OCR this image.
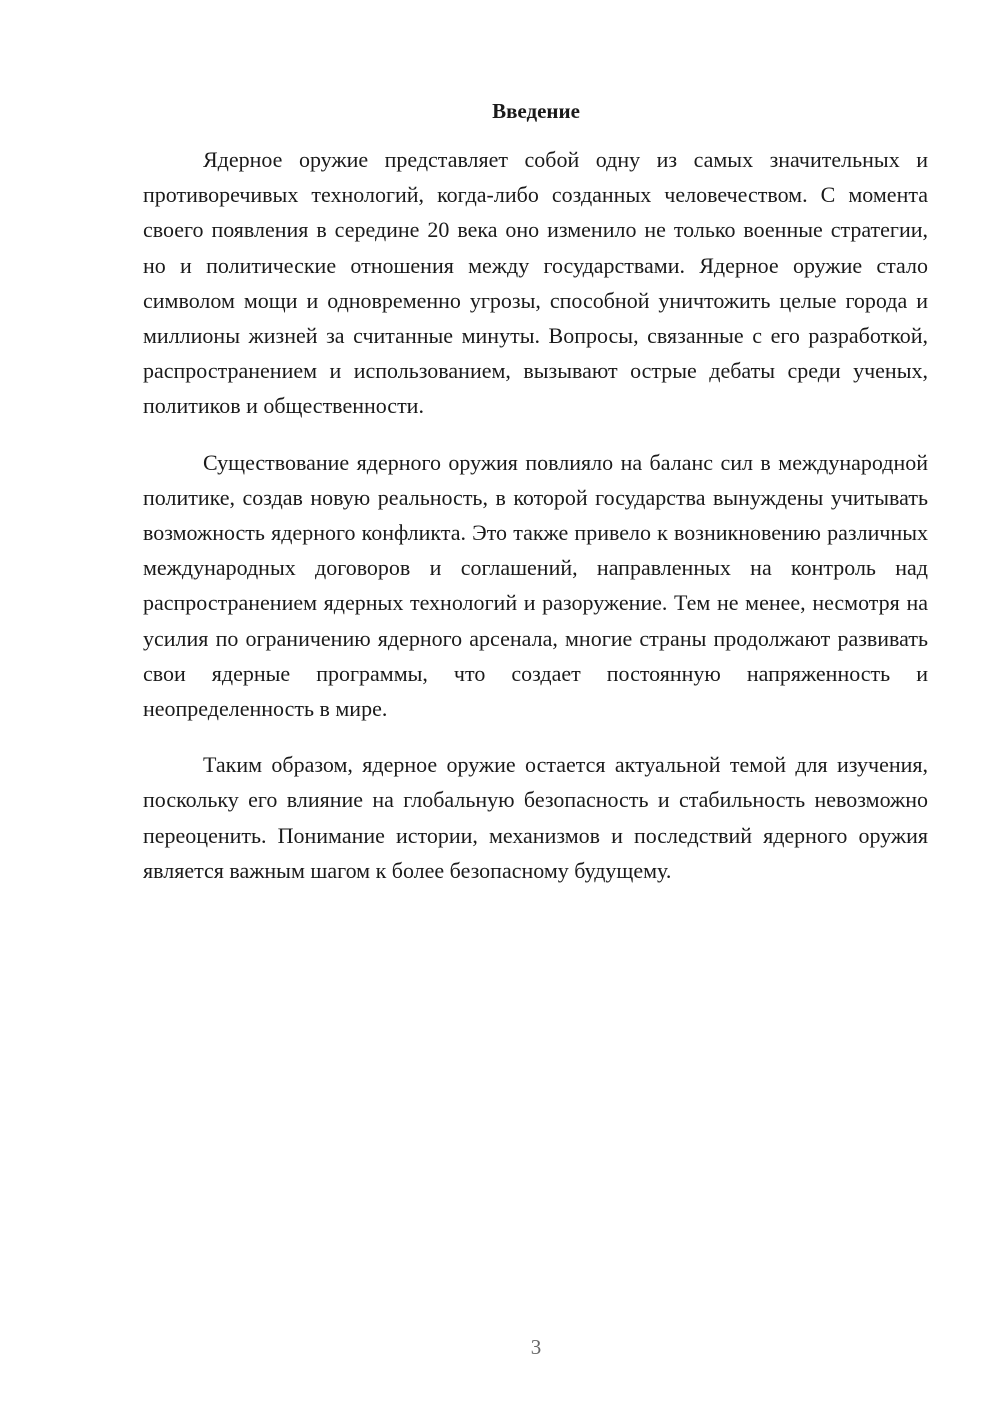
Введение

Ядерное оружие представляет собой одну из самых значительных и противоречивых технологий, когда-либо созданных человечеством. С момента своего появления в середине 20 века оно изменило не только военные стратегии, но и политические отношения между государствами. Ядерное оружие стало символом мощи и одновременно угрозы, способной уничтожить целые города и миллионы жизней за считанные минуты. Вопросы, связанные с его разработкой, распространением и использованием, вызывают острые дебаты среди ученых, политиков и общественности.

Существование ядерного оружия повлияло на баланс сил в международной политике, создав новую реальность, в которой государства вынуждены учитывать возможность ядерного конфликта. Это также привело к возникновению различных международных договоров и соглашений, направленных на контроль над распространением ядерных технологий и разоружение. Тем не менее, несмотря на усилия по ограничению ядерного арсенала, многие страны продолжают развивать свои ядерные программы, что создает постоянную напряженность и неопределенность в мире.

Таким образом, ядерное оружие остается актуальной темой для изучения, поскольку его влияние на глобальную безопасность и стабильность невозможно переоценить. Понимание истории, механизмов и последствий ядерного оружия является важным шагом к более безопасному будущему.

3
